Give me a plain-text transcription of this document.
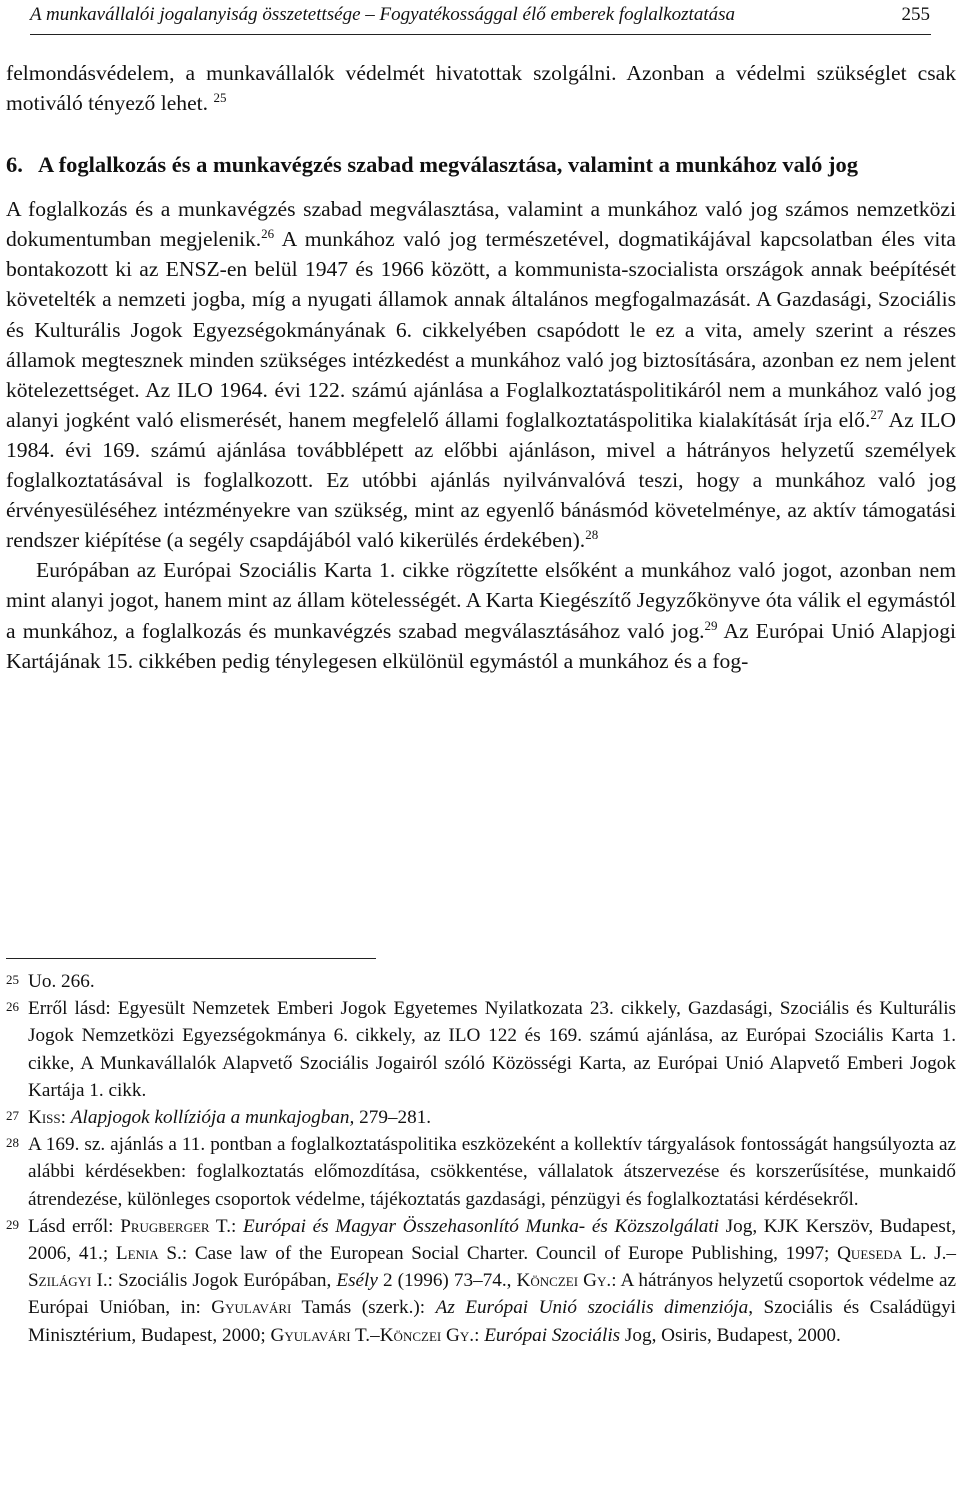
A munkavállalói jogalanyiság összetettsége – Fogyatékossággal élő emberek foglalkoztatása	255

felmondásvédelem, a munkavállalók védelmét hivatottak szolgálni. Azonban a védelmi szükséglet csak motiváló tényező lehet. $^{25}$

6. A foglalkozás és a munkavégzés szabad megválasztása, valamint a munkához való jog

A foglalkozás és a munkavégzés szabad megválasztása, valamint a munkához való jog számos nemzetközi dokumentumban megjelenik.$^{26}$ A munkához való jog természetével, dogmatikájával kapcsolatban éles vita bontakozott ki az ENSZ-en belül 1947 és 1966 között, a kommunista-szocialista országok annak beépítését követelték a nemzeti jogba, míg a nyugati államok annak általános megfogalmazását. A Gazdasági, Szociális és Kulturális Jogok Egyezségokmányának 6. cikkelyében csapódott le ez a vita, amely szerint a részes államok megtesznek minden szükséges intézkedést a munkához való jog biztosítására, azonban ez nem jelent kötelezettséget. Az ILO 1964. évi 122. számú ajánlása a Foglalkoztatáspolitikáról nem a munkához való jog alanyi jogként való elismerését, hanem megfelelő állami foglalkoztatáspolitika kialakítását írja elő.$^{27}$ Az ILO 1984. évi 169. számú ajánlása továbblépett az előbbi ajánláson, mivel a hátrányos helyzetű személyek foglalkoztatásával is foglalkozott. Ez utóbbi ajánlás nyilvánvalóvá teszi, hogy a munkához való jog érvényesüléséhez intézményekre van szükség, mint az egyenlő bánásmód követelménye, az aktív támogatási rendszer kiépítése (a segély csapdájából való kikerülés érdekében).$^{28}$

Európában az Európai Szociális Karta 1. cikke rögzítette elsőként a munkához való jogot, azonban nem mint alanyi jogot, hanem mint az állam kötelességét. A Karta Kiegészítő Jegyzőkönyve óta válik el egymástól a munkához, a foglalkozás és munkavégzés szabad megválasztásához való jog.$^{29}$ Az Európai Unió Alapjogi Kartájának 15. cikkében pedig ténylegesen elkülönül egymástól a munkához és a fog-

25 Uo. 266.

26 Erről lásd: Egyesült Nemzetek Emberi Jogok Egyetemes Nyilatkozata 23. cikkely, Gazdasági, Szociális és Kulturális Jogok Nemzetközi Egyezségokmánya 6. cikkely, az ILO 122 és 169. számú ajánlása, az Európai Szociális Karta 1. cikke, A Munkavállalók Alapvető Szociális Jogairól szóló Közösségi Karta, az Európai Unió Alapvető Emberi Jogok Kartája 1. cikk.

27 Kiss: Alapjogok kollíziója a munkajogban, 279–281.

28 A 169. sz. ajánlás a 11. pontban a foglalkoztatáspolitika eszközeként a kollektív tárgyalások fontosságát hangsúlyozta az alábbi kérdésekben: foglalkoztatás előmozdítása, csökkentése, vállalatok átszervezése és korszerűsítése, munkaidő átrendezése, különleges csoportok védelme, tájékoztatás gazdasági, pénzügyi és foglalkoztatási kérdésekről.

29 Lásd erről: Prugberger T.: Európai és Magyar Összehasonlító Munka- és Közszolgálati Jog, KJK Kerszöv, Budapest, 2006, 41.; Lenia S.: Case law of the European Social Charter. Council of Europe Publishing, 1997; Queseda L. J.–Szilágyi I.: Szociális Jogok Európában, Esély 2 (1996) 73–74., Könczei Gy.: A hátrányos helyzetű csoportok védelme az Európai Unióban, in: Gyulavári Tamás (szerk.): Az Európai Unió szociális dimenziója, Szociális és Családügyi Minisztérium, Budapest, 2000; Gyulavári T.–Könczei Gy.: Európai Szociális Jog, Osiris, Budapest, 2000.
